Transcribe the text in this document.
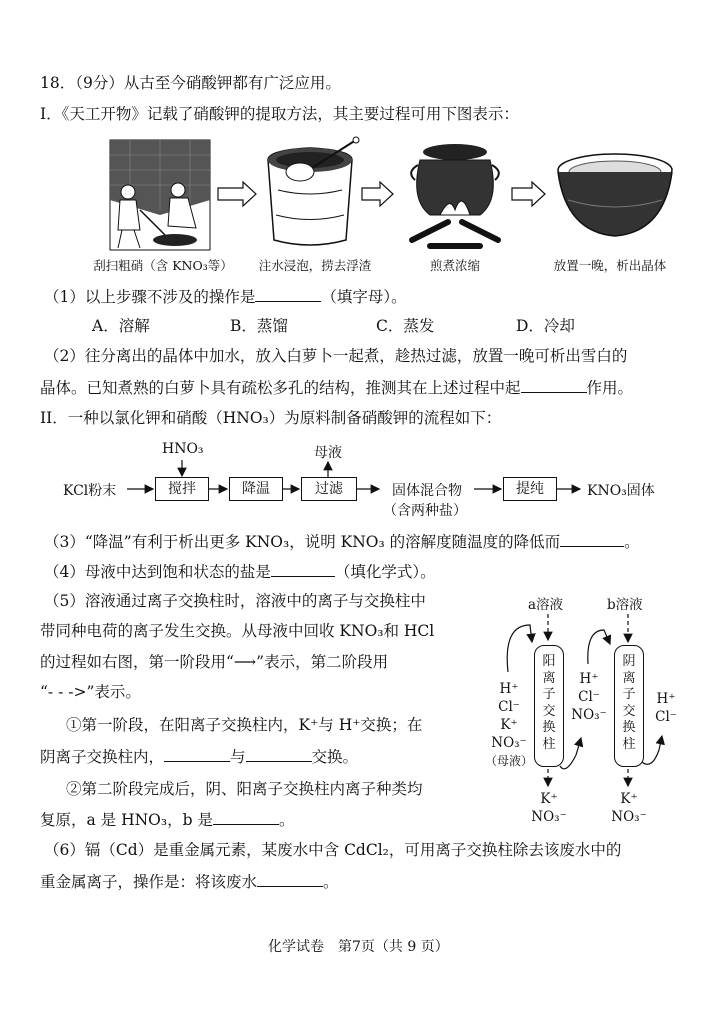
18．（9分）从古至今硝酸钾都有广泛应用。
I．《天工开物》记载了硝酸钾的提取方法，其主要过程可用下图表示：
刮扫粗硝（含 KNO₃等）	注水浸泡，捞去浮渣	煎煮浓缩	放置一晚，析出晶体
（1）以上步骤不涉及的操作是	（填字母）。
A．溶解	B．蒸馏	C．蒸发	D．冷却
（2）往分离出的晶体中加水，放入白萝卜一起煮，趁热过滤，放置一晚可析出雪白的
晶体。已知煮熟的白萝卜具有疏松多孔的结构，推测其在上述过程中起	作用。
II．一种以氯化钾和硝酸（HNO₃）为原料制备硝酸钾的流程如下：
HNO₃	母液
KCl粉末	搅拌	降温	过滤	固体混合物
（含两种盐）
提纯	KNO₃固体
（3）“降温”有利于析出更多 KNO₃，说明 KNO₃ 的溶解度随温度的降低而	。
（4）母液中达到饱和状态的盐是	（填化学式）。
（5）溶液通过离子交换柱时，溶液中的离子与交换柱中
带同种电荷的离子发生交换。从母液中回收 KNO₃和 HCl
的过程如右图，第一阶段用“⟶”表示，第二阶段用
“- - ->”表示。
①第一阶段，在阳离子交换柱内，K⁺与 H⁺交换；在
阴离子交换柱内，	与	交换。
②第二阶段完成后，阴、阳离子交换柱内离子种类均
复原，a 是 HNO₃，b 是	。
a溶液	b溶液
阳
离
子
交
换
柱
阴
离
子
交
换
柱
H⁺
Cl⁻
K⁺
NO₃⁻
（母液）
H⁺
Cl⁻
NO₃⁻
H⁺
Cl⁻
K⁺
NO₃⁻
K⁺
NO₃⁻
（6）镉（Cd）是重金属元素，某废水中含 CdCl₂，可用离子交换柱除去该废水中的
重金属离子，操作是：将该废水	。
化学试卷　第7页（共 9 页）
